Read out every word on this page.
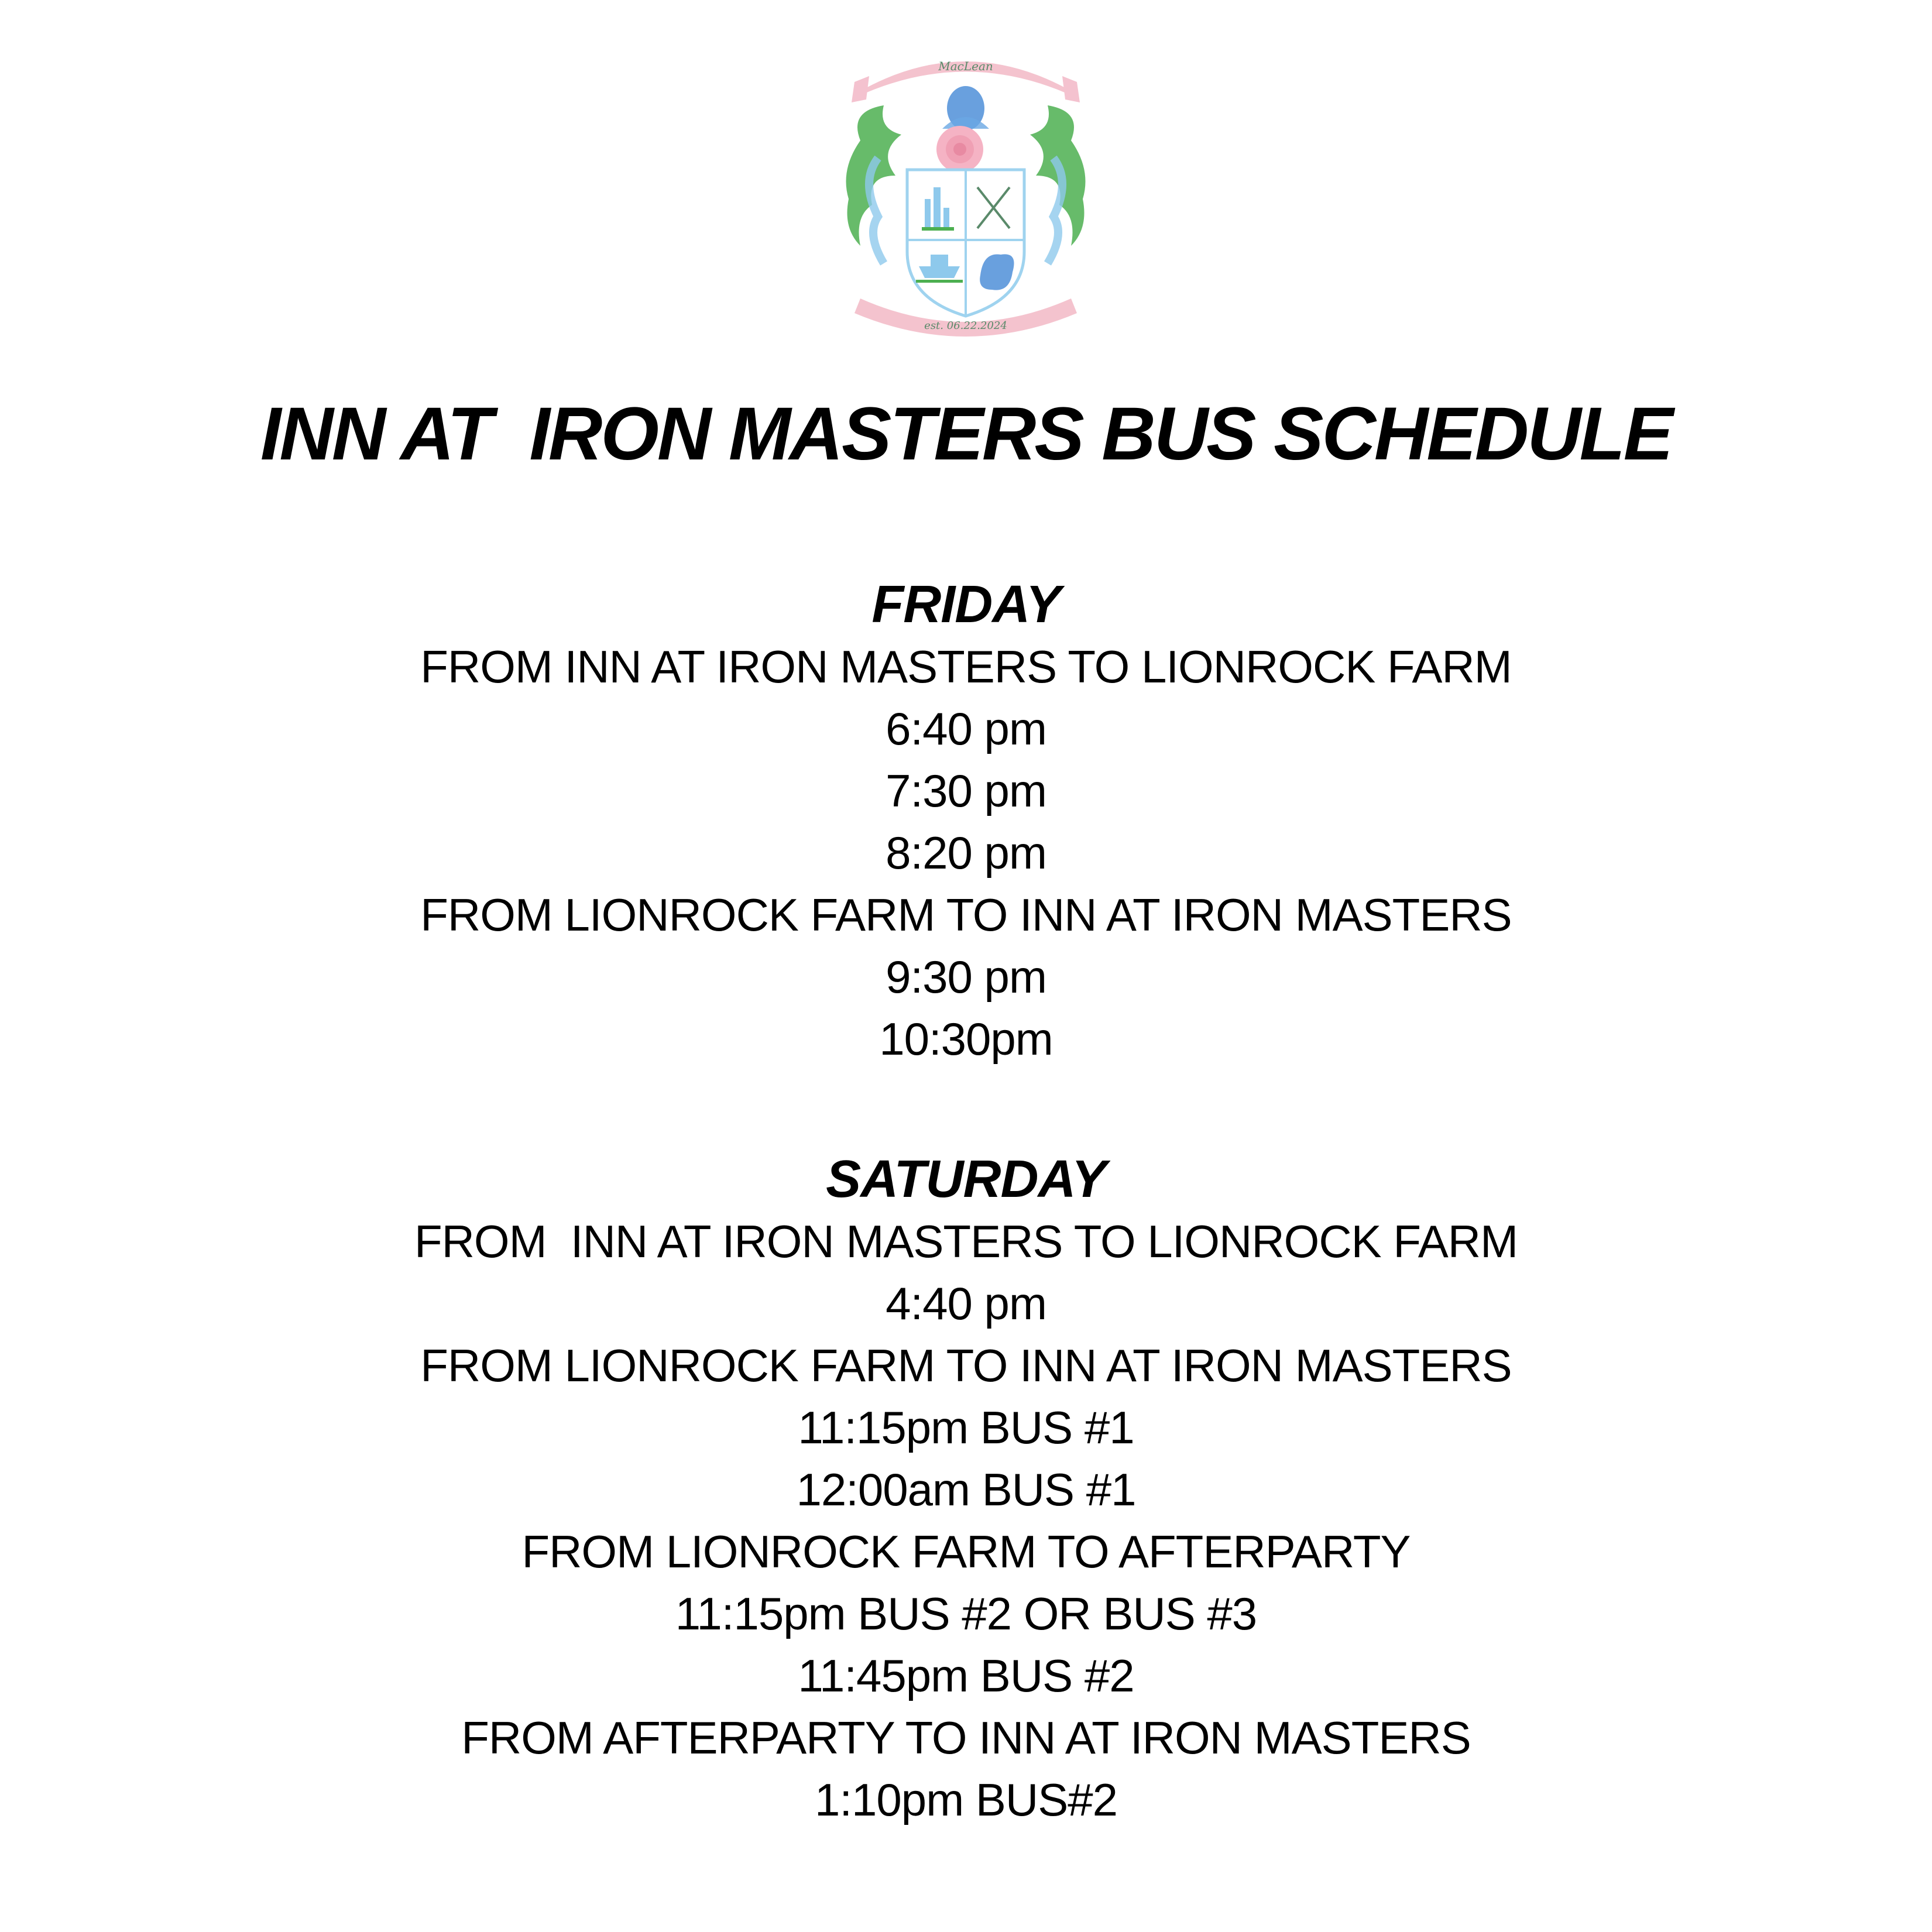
MacLean
est. 06.22.2024
INN AT  IRON MASTERS BUS SCHEDULE
FRIDAY
FROM INN AT IRON MASTERS TO LIONROCK FARM
6:40 pm
7:30 pm
8:20 pm
FROM LIONROCK FARM TO INN AT IRON MASTERS
9:30 pm
10:30pm
SATURDAY
FROM  INN AT IRON MASTERS TO LIONROCK FARM
4:40 pm
FROM LIONROCK FARM TO INN AT IRON MASTERS
11:15pm BUS #1
12:00am BUS #1
FROM LIONROCK FARM TO AFTERPARTY
11:15pm BUS #2 OR BUS #3
11:45pm BUS #2
FROM AFTERPARTY TO INN AT IRON MASTERS
1:10pm BUS#2
